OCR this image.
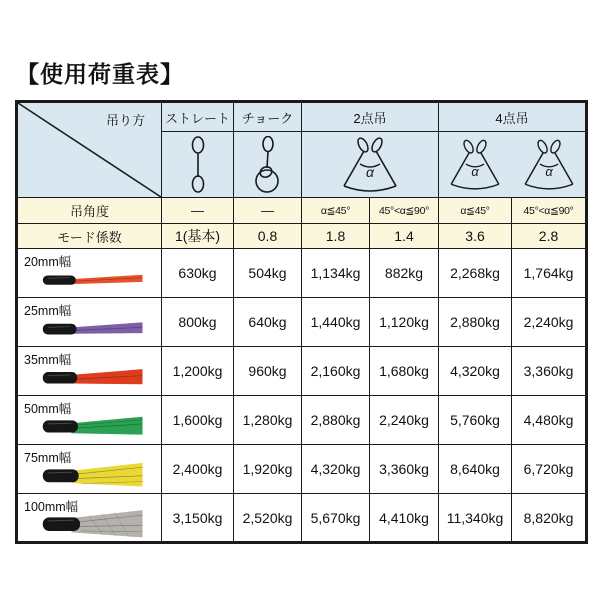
【使用荷重表】
吊り方	ストレート	チョーク	2点吊		4点吊	

α		α
α	

吊角度	—	—	α≦45°	45°<α≦90°	α≦45°	45°<α≦90°
モード係数	1(基本)	0.8	1.8	1.4	3.6	2.8

20mm幅	630kg	504kg	1,134kg	882kg	2,268kg	1,764kg

25mm幅	800kg	640kg	1,440kg	1,120kg	2,880kg	2,240kg

35mm幅	1,200kg	960kg	2,160kg	1,680kg	4,320kg	3,360kg

50mm幅	1,600kg	1,280kg	2,880kg	2,240kg	5,760kg	4,480kg

75mm幅	2,400kg	1,920kg	4,320kg	3,360kg	8,640kg	6,720kg

100mm幅	3,150kg	2,520kg	5,670kg	4,410kg	11,340kg	8,820kg
